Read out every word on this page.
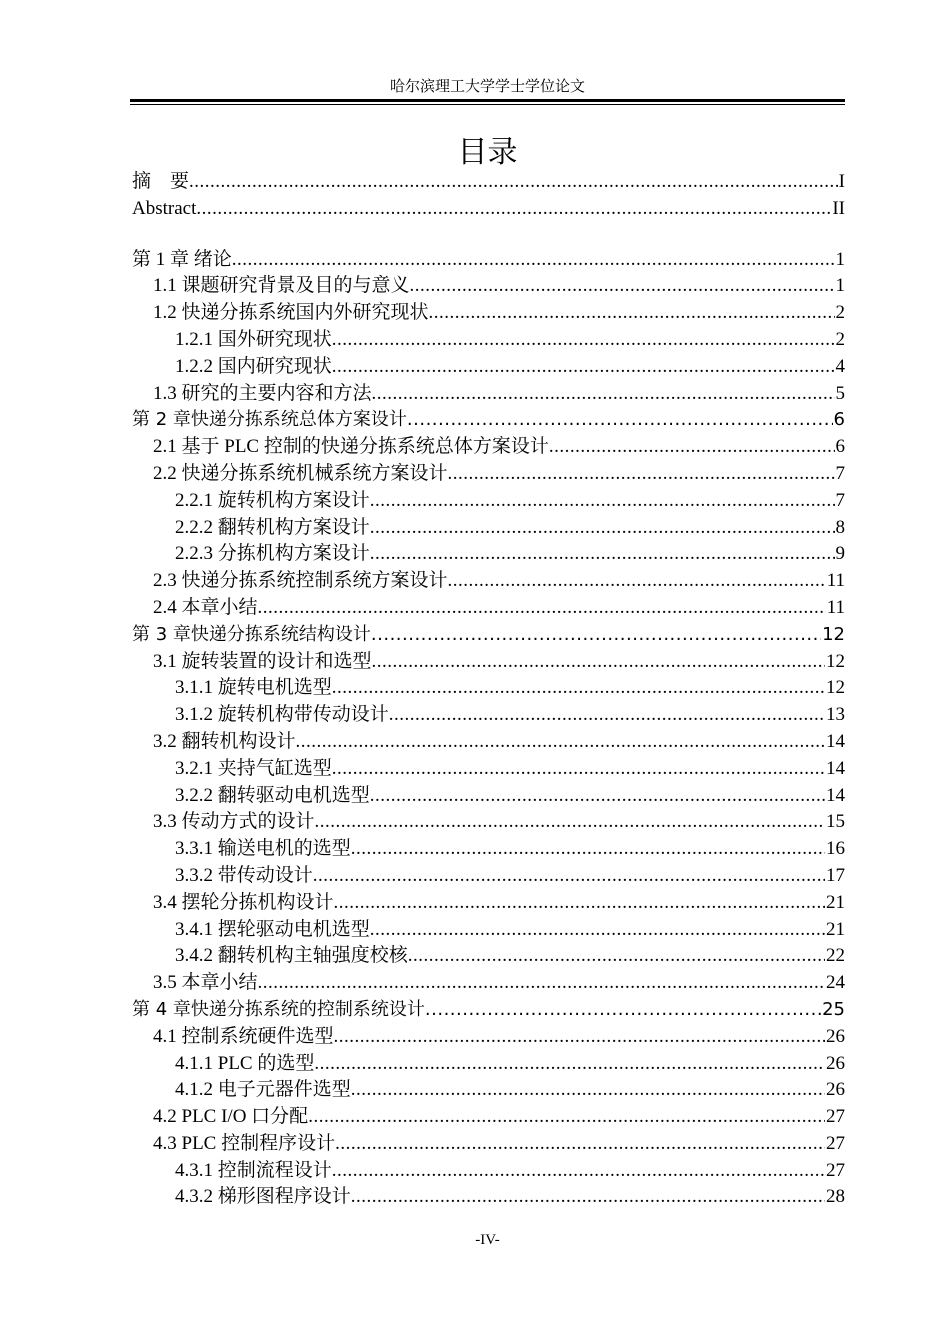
哈尔滨理工大学学士学位论文
目录
摘　要 .....	I
Abstract .....	II
第 1 章 绪论 .....	1
1.1 课题研究背景及目的与意义 .....	1
1.2 快递分拣系统国内外研究现状 .....	2
1.2.1 国外研究现状 .....	2
1.2.2 国内研究现状 .....	4
1.3 研究的主要内容和方法 .....	5
第 2 章快递分拣系统总体方案设计 .....	6
2.1 基于 PLC 控制的快递分拣系统总体方案设计 .....	6
2.2 快递分拣系统机械系统方案设计 .....	7
2.2.1 旋转机构方案设计 .....	7
2.2.2 翻转机构方案设计 .....	8
2.2.3 分拣机构方案设计 .....	9
2.3 快递分拣系统控制系统方案设计 .....	11
2.4 本章小结 .....	11
第 3 章快递分拣系统结构设计 .....	12
3.1 旋转装置的设计和选型 .....	12
3.1.1 旋转电机选型 .....	12
3.1.2 旋转机构带传动设计 .....	13
3.2 翻转机构设计 .....	14
3.2.1 夹持气缸选型 .....	14
3.2.2 翻转驱动电机选型 .....	14
3.3 传动方式的设计 .....	15
3.3.1 输送电机的选型 .....	16
3.3.2 带传动设计 .....	17
3.4 摆轮分拣机构设计 .....	21
3.4.1 摆轮驱动电机选型 .....	21
3.4.2 翻转机构主轴强度校核 .....	22
3.5 本章小结 .....	24
第 4 章快递分拣系统的控制系统设计 .....	25
4.1 控制系统硬件选型 .....	26
4.1.1 PLC 的选型 .....	26
4.1.2 电子元器件选型 .....	26
4.2 PLC I/O 口分配 .....	27
4.3 PLC 控制程序设计 .....	27
4.3.1 控制流程设计 .....	27
4.3.2 梯形图程序设计 .....	28
-IV-
